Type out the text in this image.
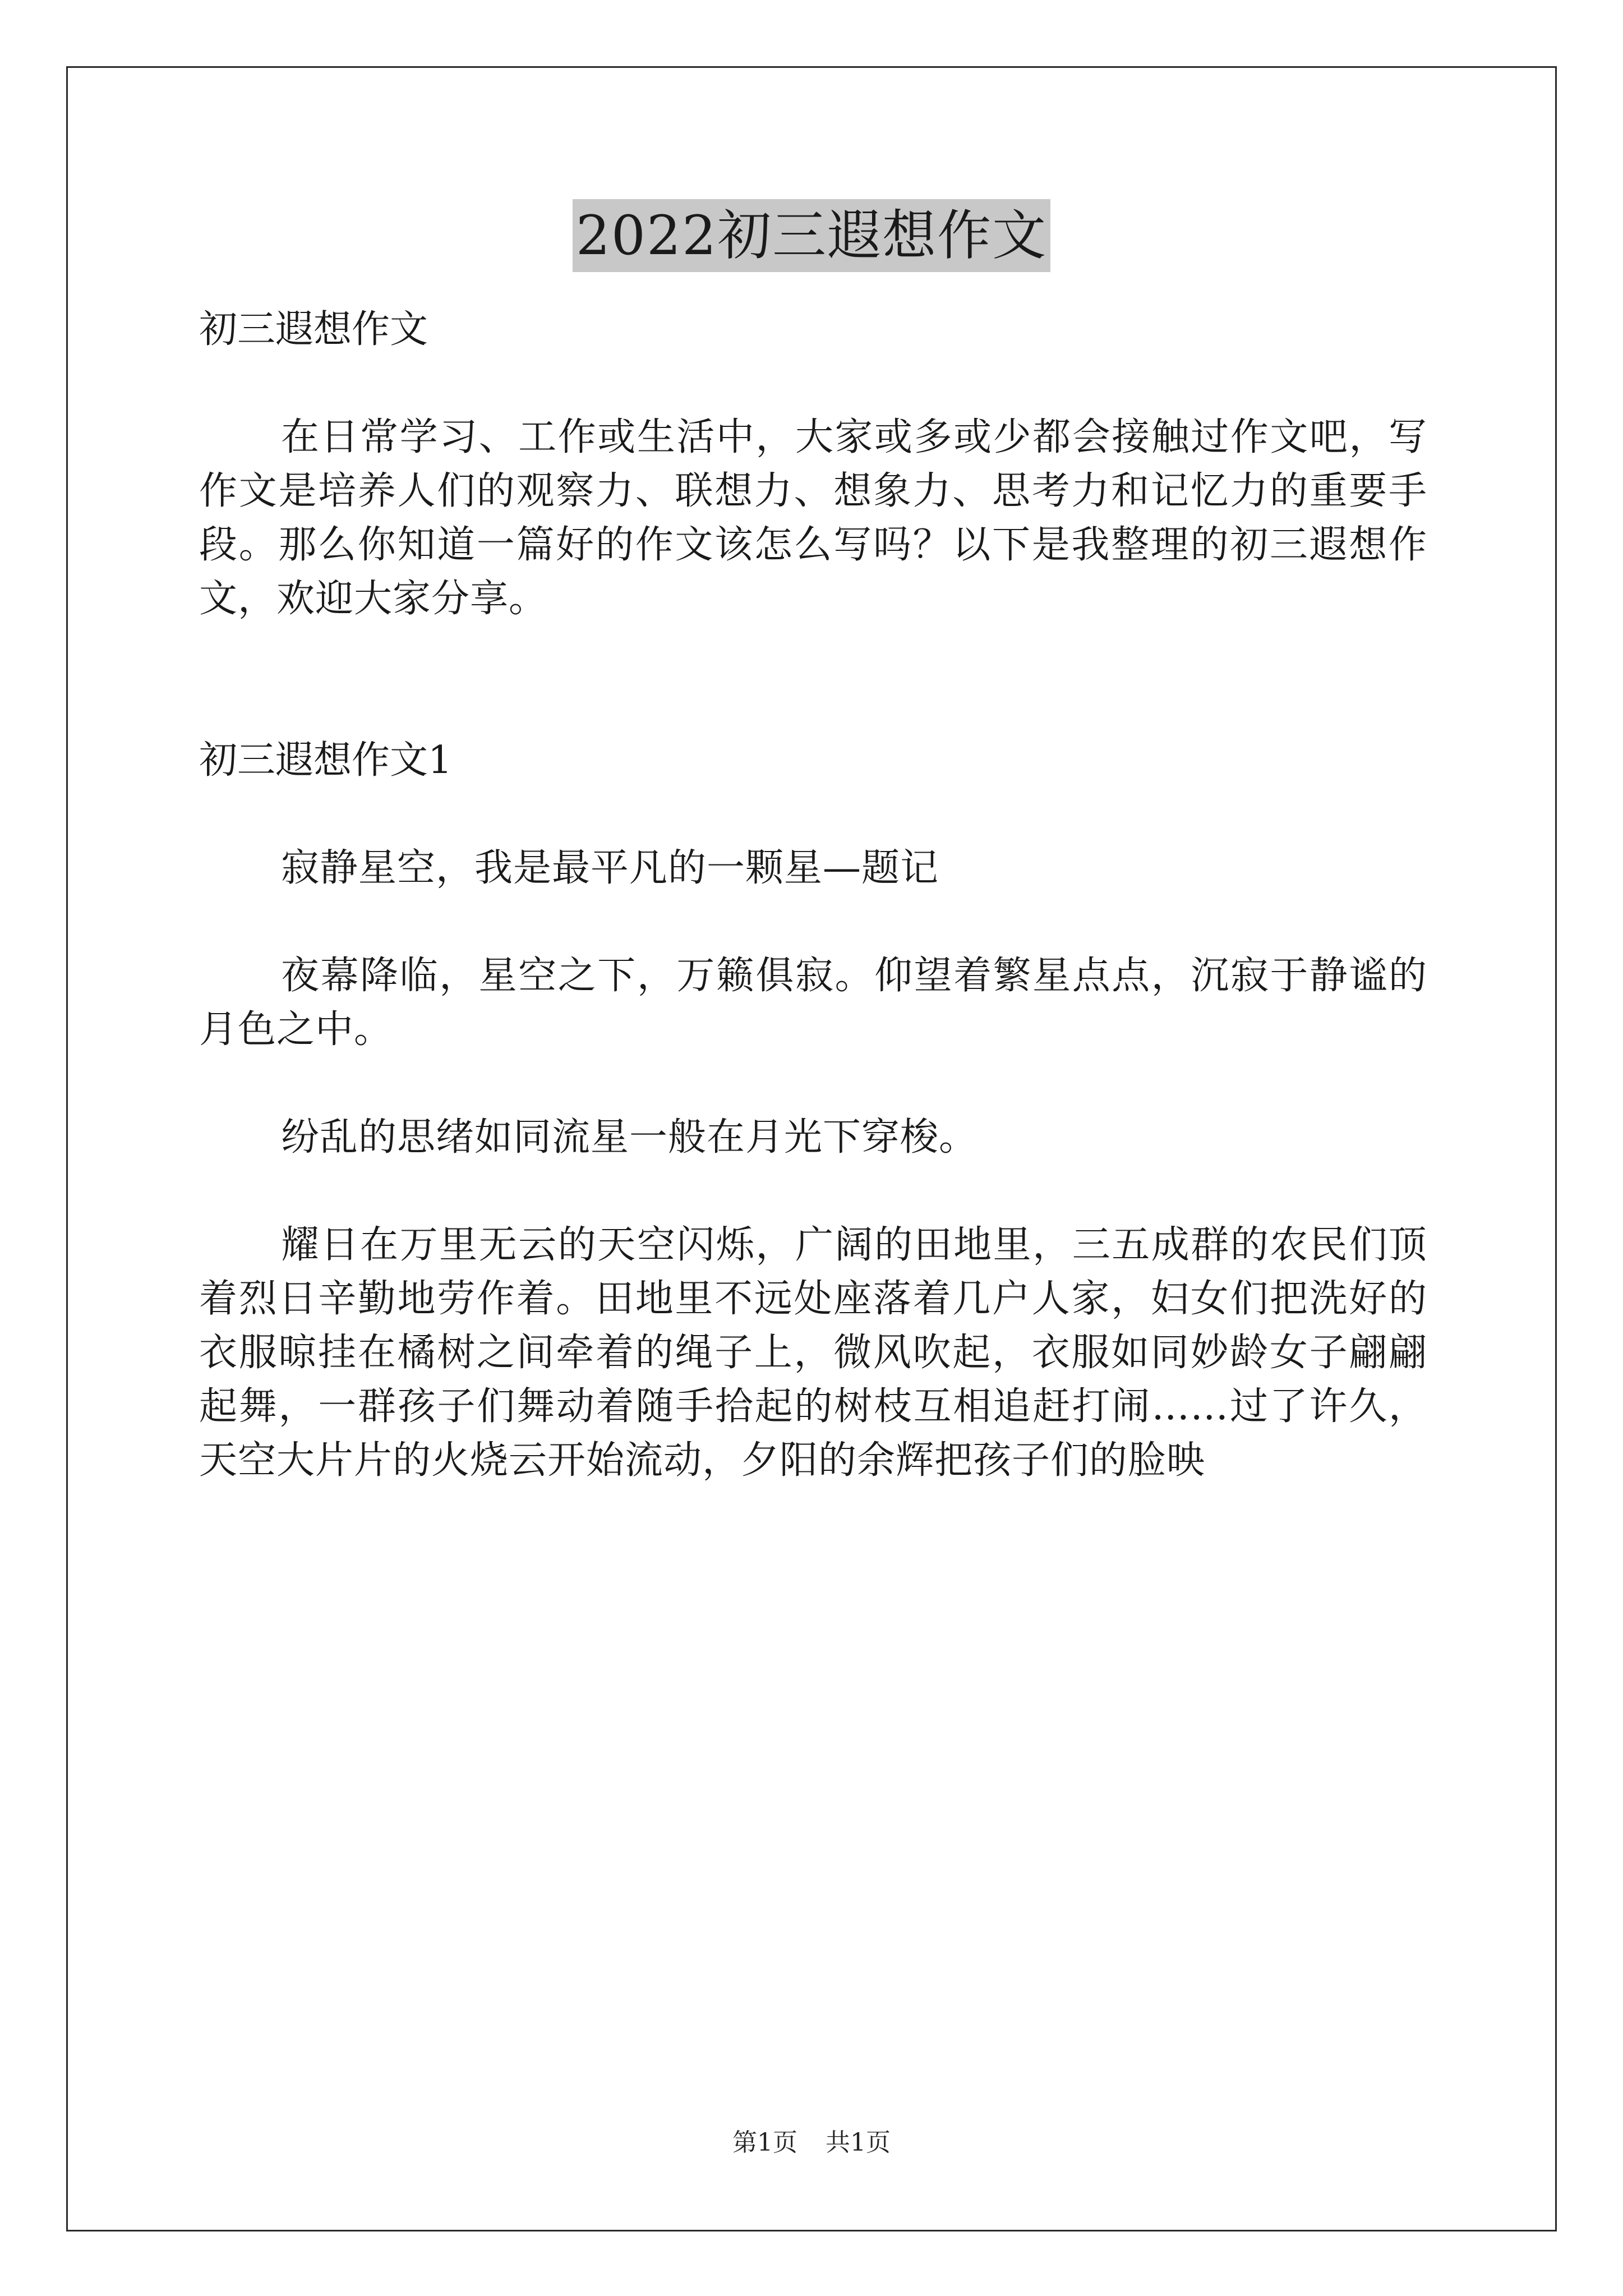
2022初三遐想作文

初三遐想作文

在日常学习、工作或生活中，大家或多或少都会接触过作文吧，写作文是培养人们的观察力、联想力、想象力、思考力和记忆力的重要手段。那么你知道一篇好的作文该怎么写吗？以下是我整理的初三遐想作文，欢迎大家分享。

初三遐想作文1

寂静星空，我是最平凡的一颗星—题记

夜幕降临，星空之下，万籁俱寂。仰望着繁星点点，沉寂于静谧的月色之中。

纷乱的思绪如同流星一般在月光下穿梭。

耀日在万里无云的天空闪烁，广阔的田地里，三五成群的农民们顶着烈日辛勤地劳作着。田地里不远处座落着几户人家，妇女们把洗好的衣服晾挂在橘树之间牵着的绳子上，微风吹起，衣服如同妙龄女子翩翩起舞，一群孩子们舞动着随手拾起的树枝互相追赶打闹……过了许久，天空大片片的火烧云开始流动，夕阳的余辉把孩子们的脸映

第1页 共1页
